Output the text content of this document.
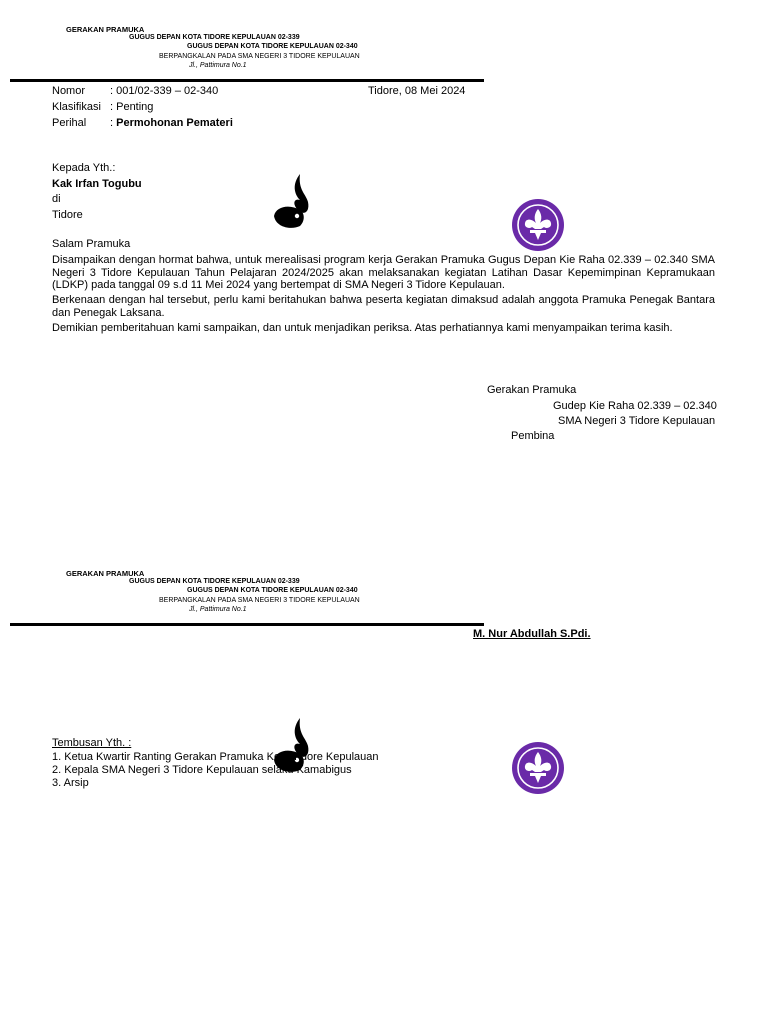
GERAKAN PRAMUKA
GUGUS DEPAN KOTA TIDORE KEPULAUAN 02-339
GUGUS DEPAN KOTA TIDORE KEPULAUAN 02-340
BERPANGKALAN PADA SMA NEGERI 3 TIDORE KEPULAUAN
Jl., Pattimura No.1
Nomor : 001/02-339 – 02-340	Tidore, 08 Mei 2024
Klasifikasi : Penting
Perihal : Permohonan Pemateri
Kepada Yth.:
Kak Irfan Togubu
di
Tidore
Salam Pramuka
Disampaikan dengan hormat bahwa, untuk merealisasi program kerja Gerakan Pramuka Gugus Depan Kie Raha 02.339 – 02.340 SMA Negeri 3 Tidore Kepulauan Tahun Pelajaran 2024/2025 akan melaksanakan kegiatan Latihan Dasar Kepemimpinan Kepramukaan (LDKP) pada tanggal 09 s.d 11 Mei 2024 yang bertempat di SMA Negeri 3 Tidore Kepulauan.
Berkenaan dengan hal tersebut, perlu kami beritahukan bahwa peserta kegiatan dimaksud adalah anggota Pramuka Penegak Bantara dan Penegak Laksana.
Demikian pemberitahuan kami sampaikan, dan untuk menjadikan periksa. Atas perhatiannya kami menyampaikan terima kasih.
Gerakan Pramuka
Gudep Kie Raha 02.339 – 02.340
SMA Negeri 3 Tidore Kepulauan
Pembina
GERAKAN PRAMUKA
GUGUS DEPAN KOTA TIDORE KEPULAUAN 02-339
GUGUS DEPAN KOTA TIDORE KEPULAUAN 02-340
BERPANGKALAN PADA SMA NEGERI 3 TIDORE KEPULAUAN
Jl., Pattimura No.1
M. Nur Abdullah S.Pdi.
Tembusan Yth. :
1. Ketua Kwartir Ranting Gerakan Pramuka Kota Tidore Kepulauan
2. Kepala SMA Negeri 3 Tidore Kepulauan selaku Kamabigus
3. Arsip
